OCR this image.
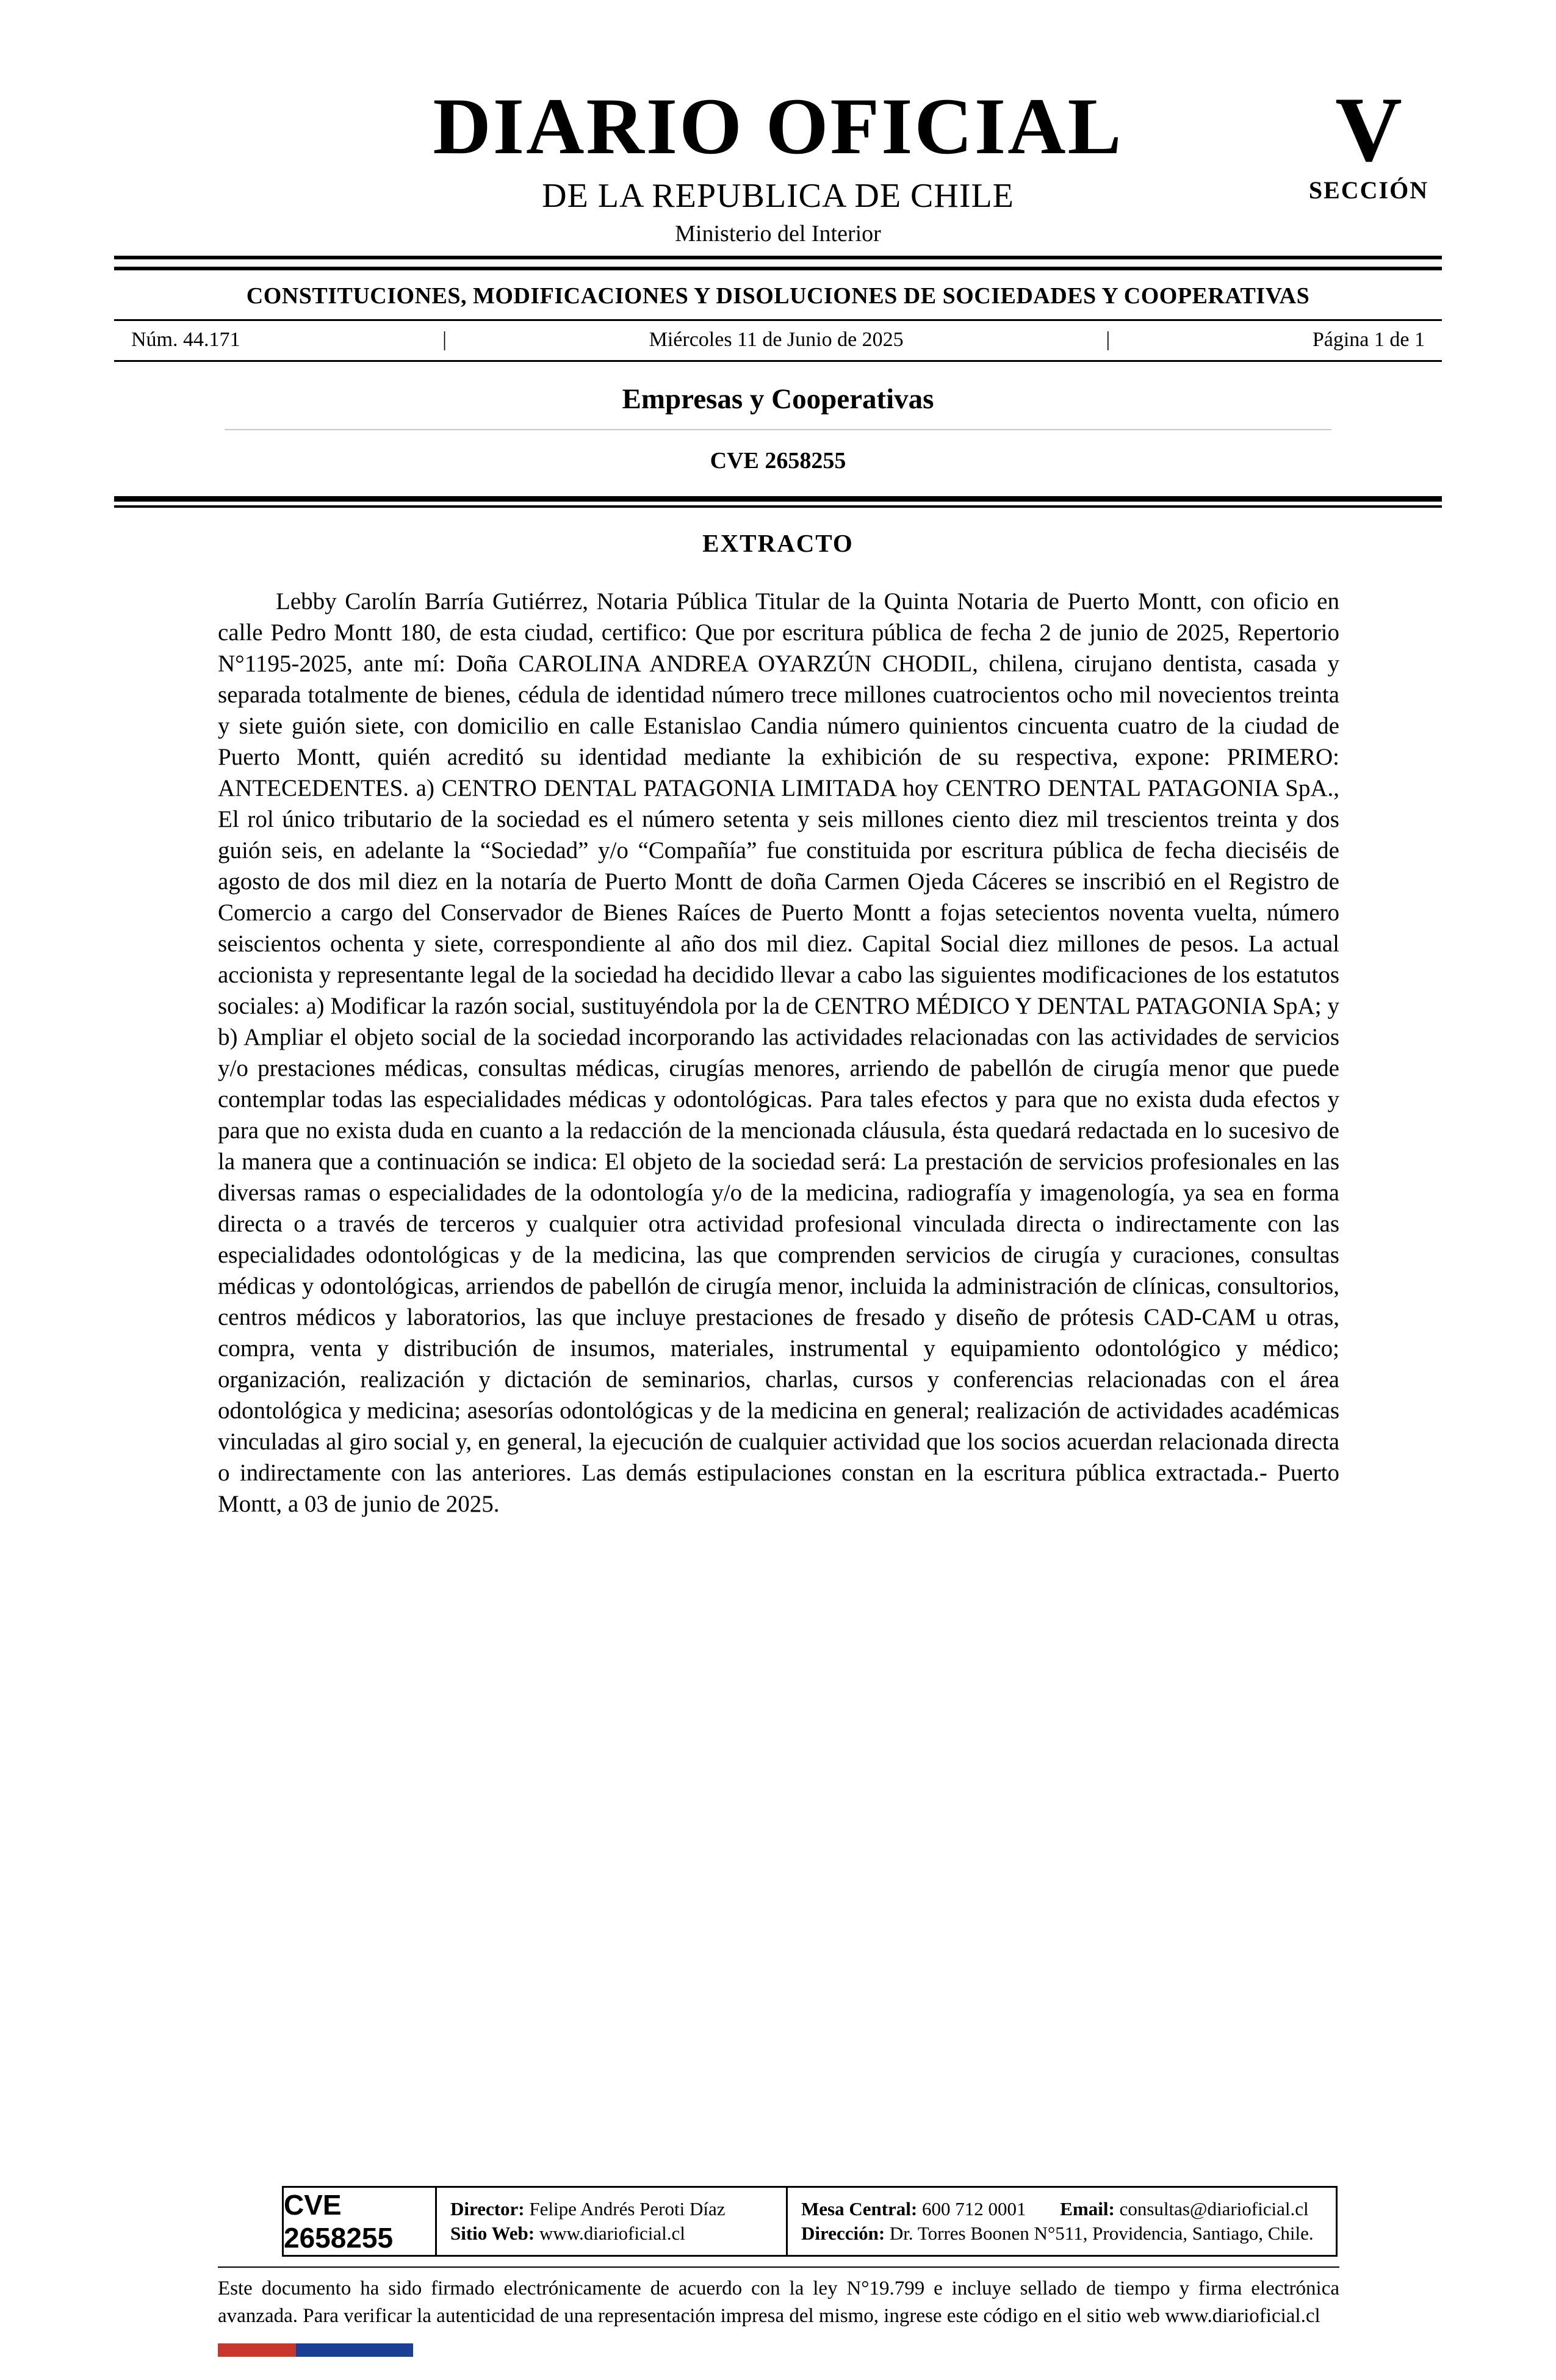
DIARIO OFICIAL
DE LA REPUBLICA DE CHILE
Ministerio del Interior
V
SECCIÓN
CONSTITUCIONES, MODIFICACIONES Y DISOLUCIONES DE SOCIEDADES Y COOPERATIVAS
Núm. 44.171	|	Miércoles 11 de Junio de 2025	|	Página 1 de 1
Empresas y Cooperativas
CVE 2658255
EXTRACTO

Lebby Carolín Barría Gutiérrez, Notaria Pública Titular de la Quinta Notaria de Puerto Montt, con oficio en calle Pedro Montt 180, de esta ciudad, certifico: Que por escritura pública de fecha 2 de junio de 2025, Repertorio N°1195-2025, ante mí: Doña CAROLINA ANDREA OYARZÚN CHODIL, chilena, cirujano dentista, casada y separada totalmente de bienes, cédula de identidad número trece millones cuatrocientos ocho mil novecientos treinta y siete guión siete, con domicilio en calle Estanislao Candia número quinientos cincuenta cuatro de la ciudad de Puerto Montt, quién acreditó su identidad mediante la exhibición de su respectiva, expone: PRIMERO: ANTECEDENTES. a) CENTRO DENTAL PATAGONIA LIMITADA hoy CENTRO DENTAL PATAGONIA SpA., El rol único tributario de la sociedad es el número setenta y seis millones ciento diez mil trescientos treinta y dos guión seis, en adelante la “Sociedad” y/o “Compañía” fue constituida por escritura pública de fecha dieciséis de agosto de dos mil diez en la notaría de Puerto Montt de doña Carmen Ojeda Cáceres se inscribió en el Registro de Comercio a cargo del Conservador de Bienes Raíces de Puerto Montt a fojas setecientos noventa vuelta, número seiscientos ochenta y siete, correspondiente al año dos mil diez. Capital Social diez millones de pesos. La actual accionista y representante legal de la sociedad ha decidido llevar a cabo las siguientes modificaciones de los estatutos sociales: a) Modificar la razón social, sustituyéndola por la de CENTRO MÉDICO Y DENTAL PATAGONIA SpA; y b) Ampliar el objeto social de la sociedad incorporando las actividades relacionadas con las actividades de servicios y/o prestaciones médicas, consultas médicas, cirugías menores, arriendo de pabellón de cirugía menor que puede contemplar todas las especialidades médicas y odontológicas. Para tales efectos y para que no exista duda efectos y para que no exista duda en cuanto a la redacción de la mencionada cláusula, ésta quedará redactada en lo sucesivo de la manera que a continuación se indica: El objeto de la sociedad será: La prestación de servicios profesionales en las diversas ramas o especialidades de la odontología y/o de la medicina, radiografía y imagenología, ya sea en forma directa o a través de terceros y cualquier otra actividad profesional vinculada directa o indirectamente con las especialidades odontológicas y de la medicina, las que comprenden servicios de cirugía y curaciones, consultas médicas y odontológicas, arriendos de pabellón de cirugía menor, incluida la administración de clínicas, consultorios, centros médicos y laboratorios, las que incluye prestaciones de fresado y diseño de prótesis CAD-CAM u otras, compra, venta y distribución de insumos, materiales, instrumental y equipamiento odontológico y médico; organización, realización y dictación de seminarios, charlas, cursos y conferencias relacionadas con el área odontológica y medicina; asesorías odontológicas y de la medicina en general; realización de actividades académicas vinculadas al giro social y, en general, la ejecución de cualquier actividad que los socios acuerdan relacionada directa o indirectamente con las anteriores. Las demás estipulaciones constan en la escritura pública extractada.- Puerto Montt, a 03 de junio de 2025.

CVE 2658255
Director: Felipe Andrés Peroti Díaz
Sitio Web: www.diarioficial.cl
Mesa Central: 600 712 0001 Email: consultas@diarioficial.cl
Dirección: Dr. Torres Boonen N°511, Providencia, Santiago, Chile.

Este documento ha sido firmado electrónicamente de acuerdo con la ley N°19.799 e incluye sellado de tiempo y firma electrónica avanzada. Para verificar la autenticidad de una representación impresa del mismo, ingrese este código en el sitio web www.diarioficial.cl
